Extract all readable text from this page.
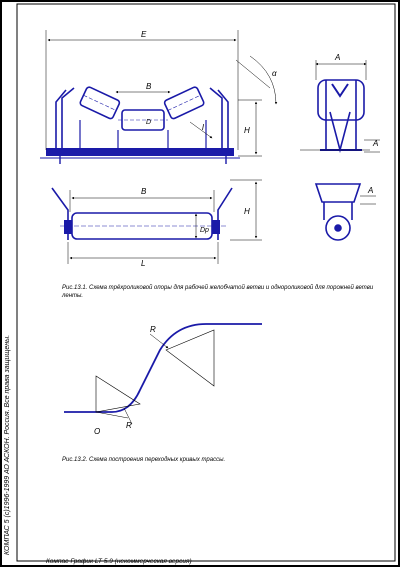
E
B
D
l	H
α
A
A
A
B
L
Dp
H
R
R
O
Рис.13.1. Схема трёхроликовой опоры для рабочей желобчатой ветви и однороликовой для порожней ветви ленты.
Рис.13.2. Схема построения переходных кривых трассы.
КОМПАС 5 (с)1996-1999 АО АСКОН. Россия. Все права защищены.
Компас-График LT 5.9 (некоммерческая версия)
